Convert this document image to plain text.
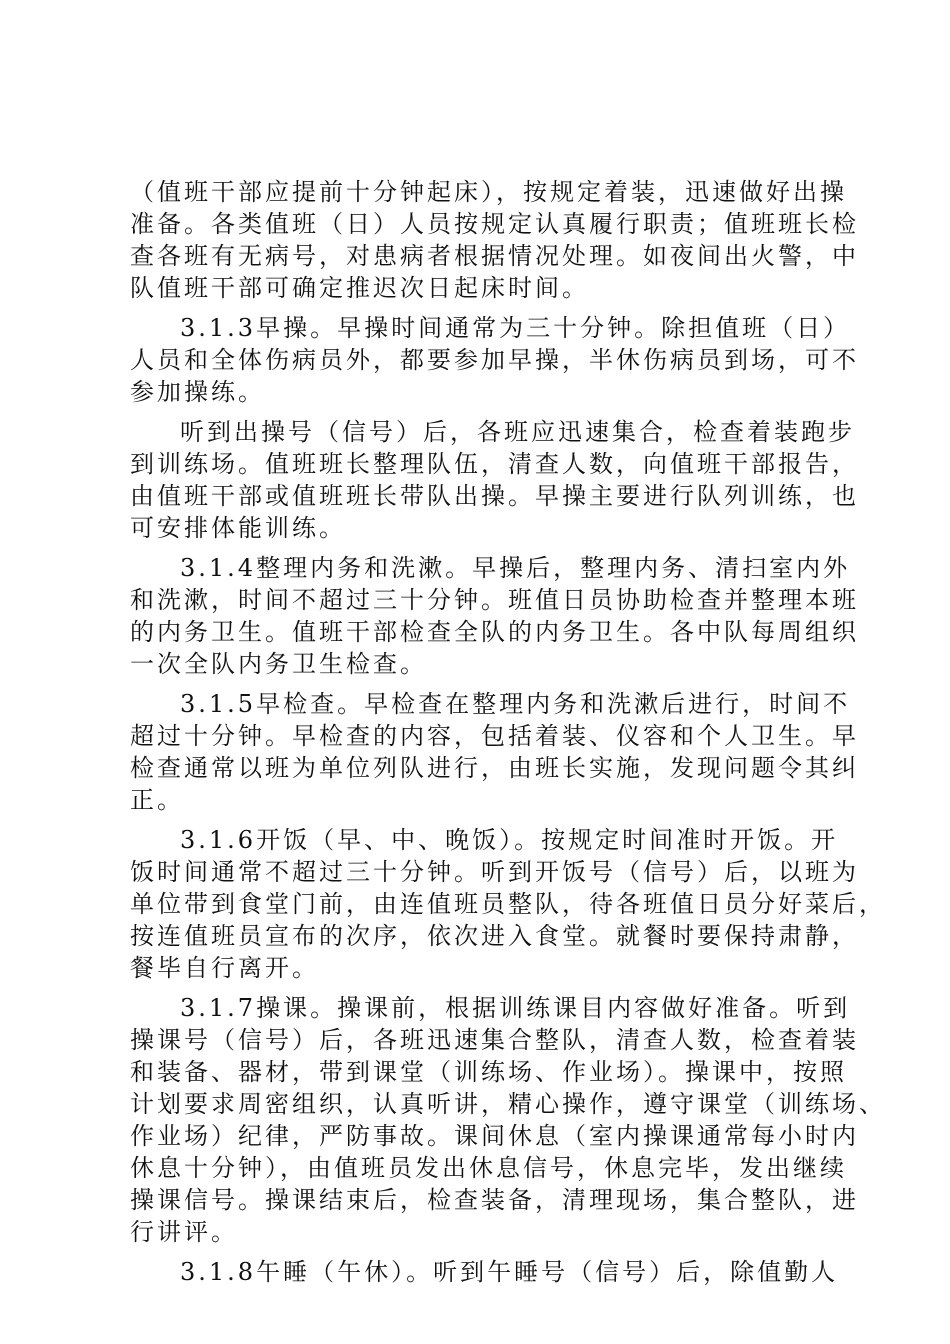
（值班干部应提前十分钟起床），按规定着装，迅速做好出操
准备。各类值班（日）人员按规定认真履行职责；值班班长检
查各班有无病号，对患病者根据情况处理。如夜间出火警，中
队值班干部可确定推迟次日起床时间。
3.1.3早操。早操时间通常为三十分钟。除担值班（日）
人员和全体伤病员外，都要参加早操，半休伤病员到场，可不
参加操练。
听到出操号（信号）后，各班应迅速集合，检查着装跑步
到训练场。值班班长整理队伍，清查人数，向值班干部报告，
由值班干部或值班班长带队出操。早操主要进行队列训练，也
可安排体能训练。
3.1.4整理内务和洗漱。早操后，整理内务、清扫室内外
和洗漱，时间不超过三十分钟。班值日员协助检查并整理本班
的内务卫生。值班干部检查全队的内务卫生。各中队每周组织
一次全队内务卫生检查。
3.1.5早检查。早检查在整理内务和洗漱后进行，时间不
超过十分钟。早检查的内容，包括着装、仪容和个人卫生。早
检查通常以班为单位列队进行，由班长实施，发现问题令其纠
正。
3.1.6开饭（早、中、晚饭）。按规定时间准时开饭。开
饭时间通常不超过三十分钟。听到开饭号（信号）后，以班为
单位带到食堂门前，由连值班员整队，待各班值日员分好菜后，
按连值班员宣布的次序，依次进入食堂。就餐时要保持肃静，
餐毕自行离开。
3.1.7操课。操课前，根据训练课目内容做好准备。听到
操课号（信号）后，各班迅速集合整队，清查人数，检查着装
和装备、器材，带到课堂（训练场、作业场）。操课中，按照
计划要求周密组织，认真听讲，精心操作，遵守课堂（训练场、
作业场）纪律，严防事故。课间休息（室内操课通常每小时内
休息十分钟），由值班员发出休息信号，休息完毕，发出继续
操课信号。操课结束后，检查装备，清理现场，集合整队，进
行讲评。
3.1.8午睡（午休）。听到午睡号（信号）后，除值勤人
